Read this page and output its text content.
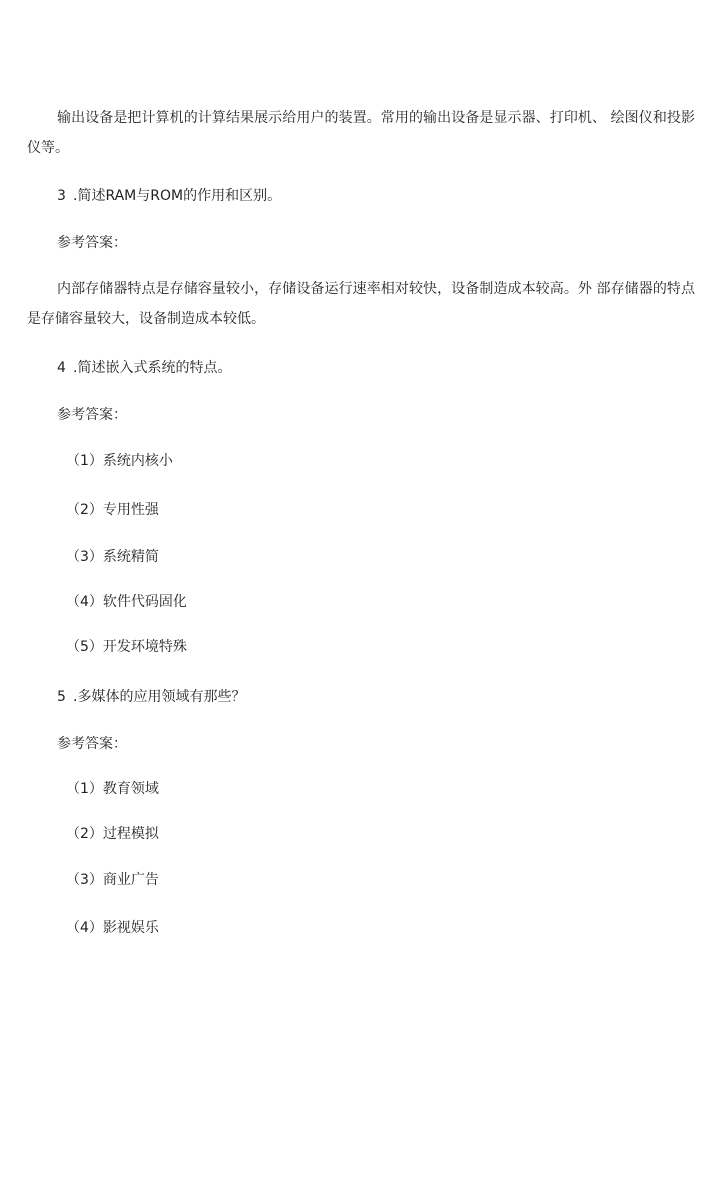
输出设备是把计算机的计算结果展示给用户的装置。常用的输出设备是显示器、打印机、 绘图仪和投影仪等。
3 .简述RAM与ROM的作用和区别。
参考答案：
内部存储器特点是存储容量较小，存储设备运行速率相对较快，设备制造成本较高。外 部存储器的特点是存储容量较大，设备制造成本较低。
4 .简述嵌入式系统的特点。
参考答案：
（1）系统内核小
（2）专用性强
（3）系统精简
（4）软件代码固化
（5）开发环境特殊
5 .多媒体的应用领域有那些？
参考答案：
（1）教育领域
（2）过程模拟
（3）商业广告
（4）影视娱乐
